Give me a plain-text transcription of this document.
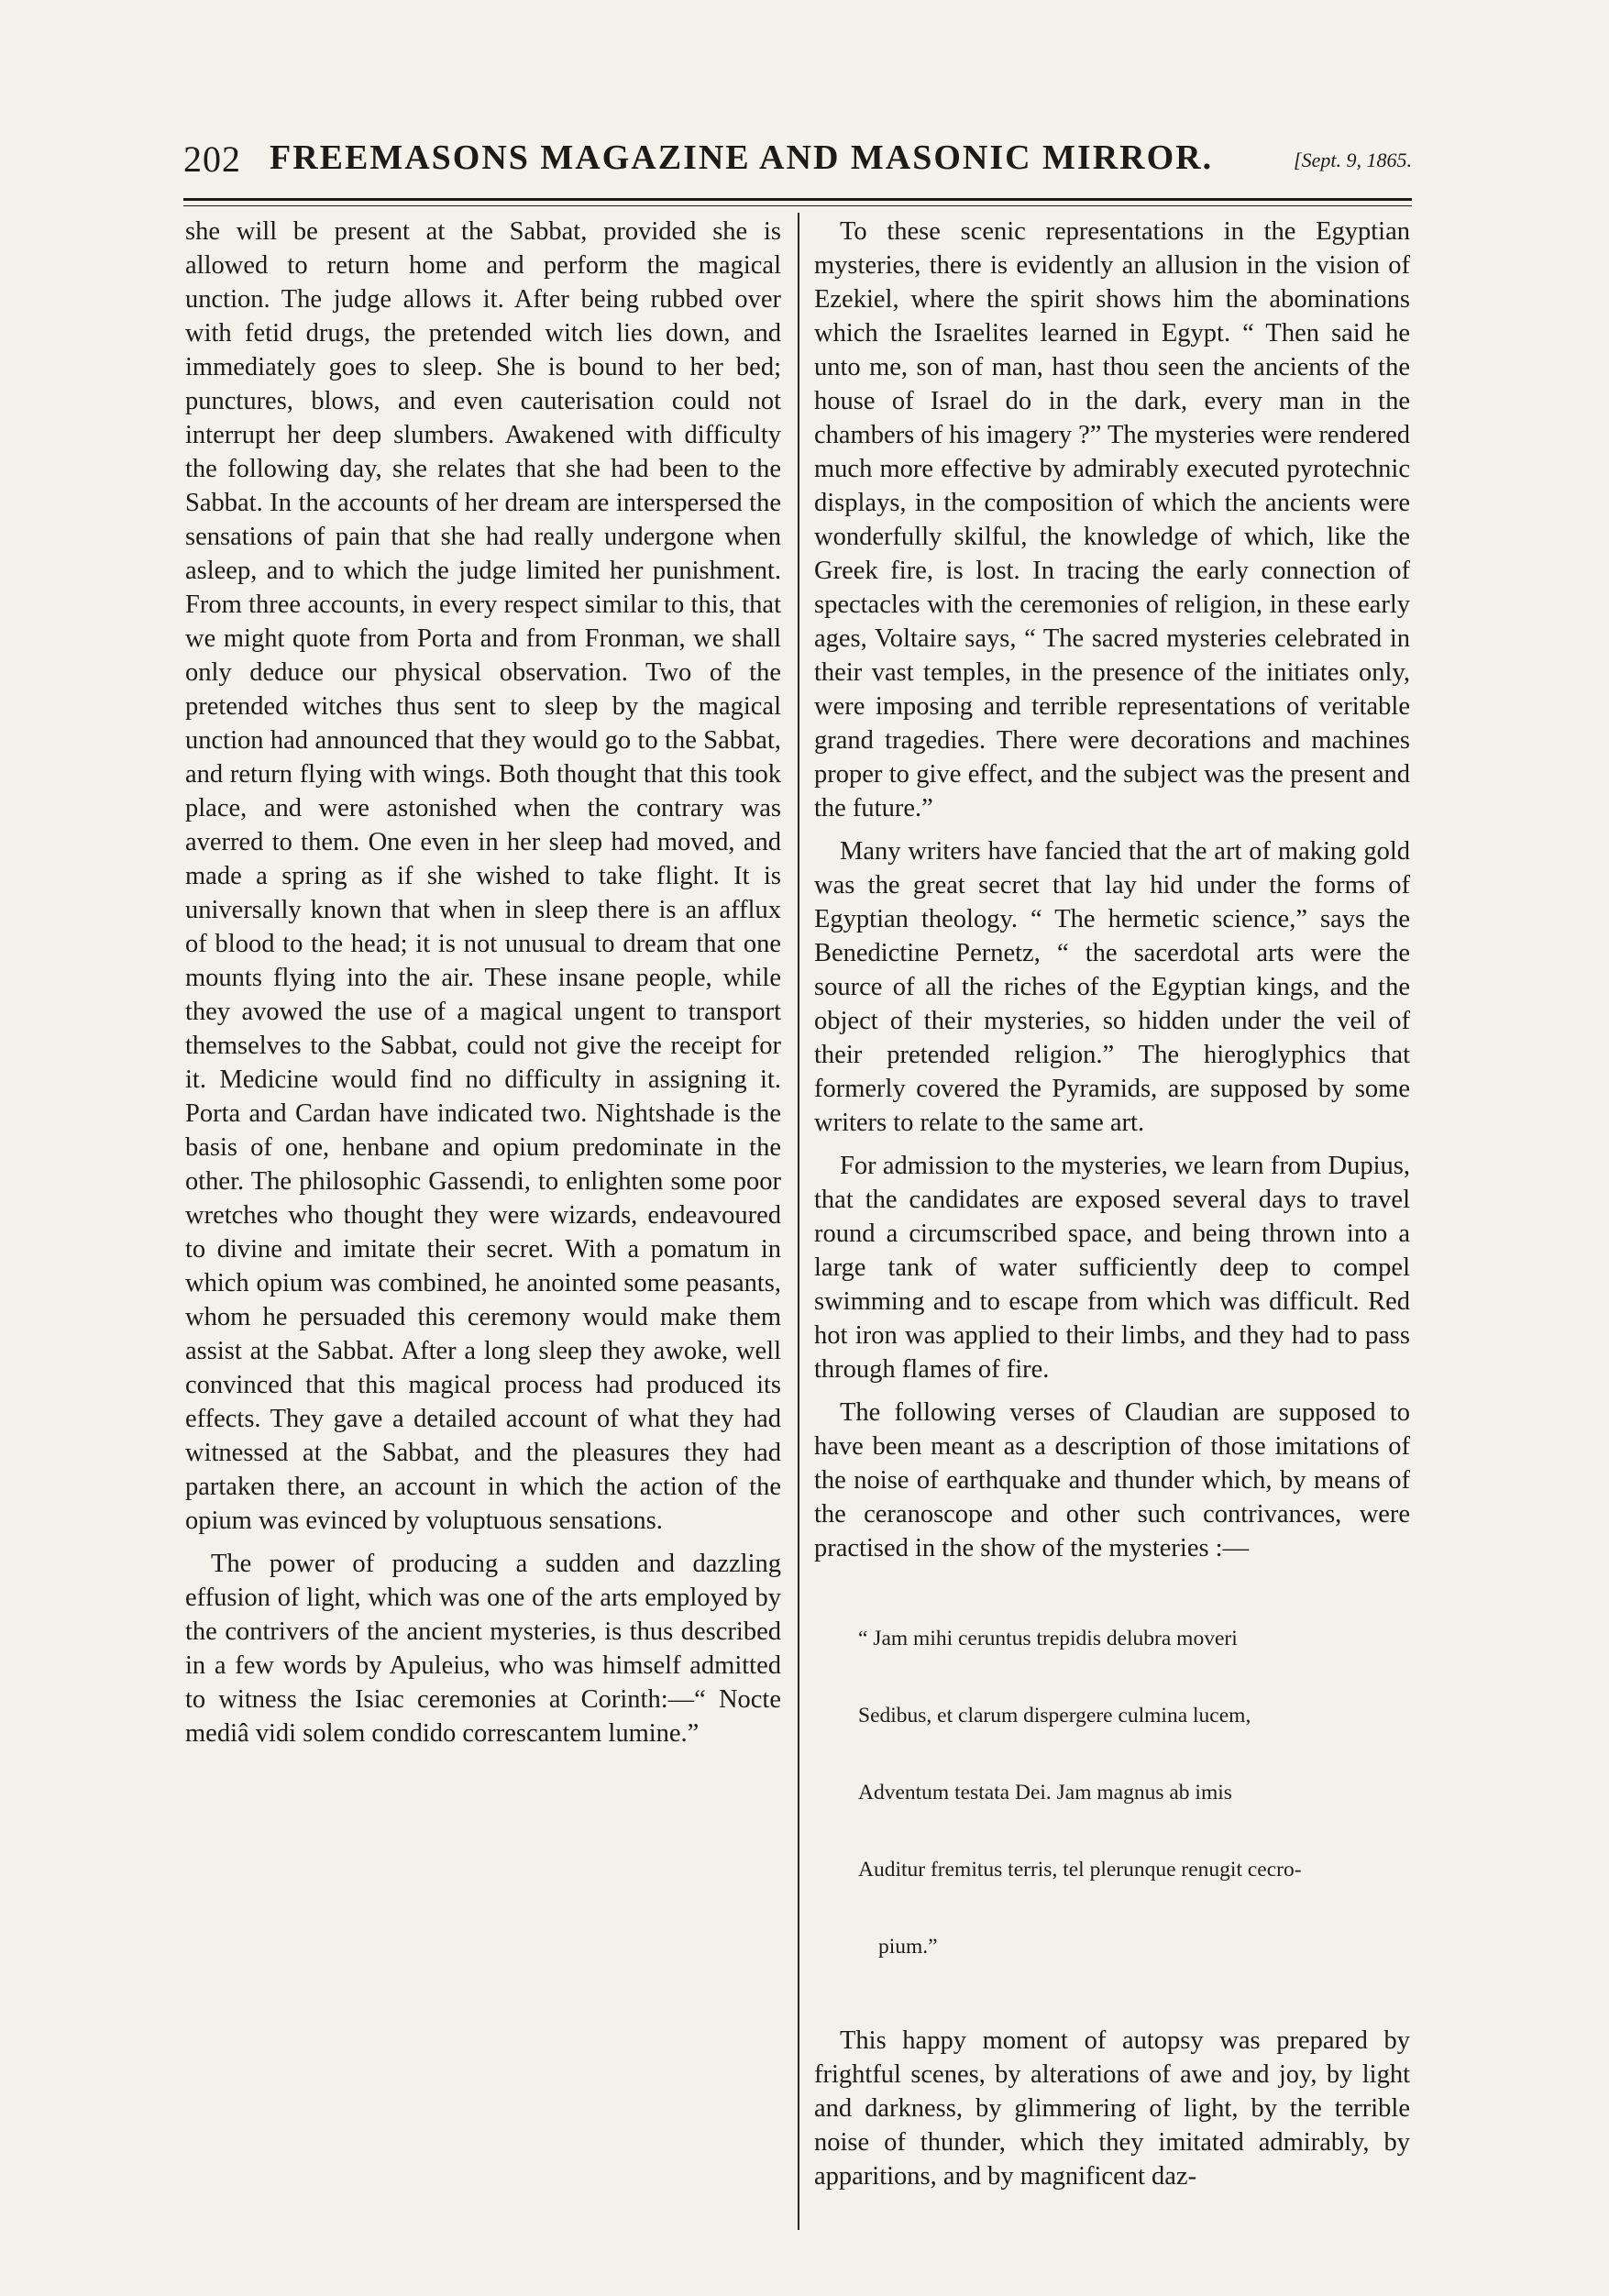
202 FREEMASONS MAGAZINE AND MASONIC MIRROR.	[Sept. 9, 1865.

she will be present at the Sabbat, provided she is allowed to return home and perform the magical unction. The judge allows it. After being rubbed over with fetid drugs, the pretended witch lies down, and immediately goes to sleep. She is bound to her bed; punctures, blows, and even cauterisation could not interrupt her deep slumbers. Awakened with difficulty the following day, she relates that she had been to the Sabbat. In the accounts of her dream are interspersed the sensations of pain that she had really undergone when asleep, and to which the judge limited her punishment. From three accounts, in every respect similar to this, that we might quote from Porta and from Fronman, we shall only deduce our physical observation. Two of the pretended witches thus sent to sleep by the magical unction had announced that they would go to the Sabbat, and return flying with wings. Both thought that this took place, and were astonished when the contrary was averred to them. One even in her sleep had moved, and made a spring as if she wished to take flight. It is universally known that when in sleep there is an afflux of blood to the head; it is not unusual to dream that one mounts flying into the air. These insane people, while they avowed the use of a magical ungent to transport themselves to the Sabbat, could not give the receipt for it. Medicine would find no difficulty in assigning it. Porta and Cardan have indicated two. Nightshade is the basis of one, henbane and opium predominate in the other. The philosophic Gassendi, to enlighten some poor wretches who thought they were wizards, endeavoured to divine and imitate their secret. With a pomatum in which opium was combined, he anointed some peasants, whom he persuaded this ceremony would make them assist at the Sabbat. After a long sleep they awoke, well convinced that this magical process had produced its effects. They gave a detailed account of what they had witnessed at the Sabbat, and the pleasures they had partaken there, an account in which the action of the opium was evinced by voluptuous sensations.

The power of producing a sudden and dazzling effusion of light, which was one of the arts employed by the contrivers of the ancient mysteries, is thus described in a few words by Apuleius, who was himself admitted to witness the Isiac ceremonies at Corinth:—“ Nocte mediâ vidi solem condido correscantem lumine.”

To these scenic representations in the Egyptian mysteries, there is evidently an allusion in the vision of Ezekiel, where the spirit shows him the abominations which the Israelites learned in Egypt. “ Then said he unto me, son of man, hast thou seen the ancients of the house of Israel do in the dark, every man in the chambers of his imagery ?” The mysteries were rendered much more effective by admirably executed pyrotechnic displays, in the composition of which the ancients were wonderfully skilful, the knowledge of which, like the Greek fire, is lost. In tracing the early connection of spectacles with the ceremonies of religion, in these early ages, Voltaire says, “ The sacred mysteries celebrated in their vast temples, in the presence of the initiates only, were imposing and terrible representations of veritable grand tragedies. There were decorations and machines proper to give effect, and the subject was the present and the future.”

Many writers have fancied that the art of making gold was the great secret that lay hid under the forms of Egyptian theology. “ The hermetic science,” says the Benedictine Pernetz, “ the sacerdotal arts were the source of all the riches of the Egyptian kings, and the object of their mysteries, so hidden under the veil of their pretended religion.” The hieroglyphics that formerly covered the Pyramids, are supposed by some writers to relate to the same art.

For admission to the mysteries, we learn from Dupius, that the candidates are exposed several days to travel round a circumscribed space, and being thrown into a large tank of water sufficiently deep to compel swimming and to escape from which was difficult. Red hot iron was applied to their limbs, and they had to pass through flames of fire.

The following verses of Claudian are supposed to have been meant as a description of those imitations of the noise of earthquake and thunder which, by means of the ceranoscope and other such contrivances, were practised in the show of the mysteries :—

“ Jam mihi ceruntus trepidis delubra moveri

Sedibus, et clarum dispergere culmina lucem,

Adventum testata Dei. Jam magnus ab imis

Auditur fremitus terris, tel plerunque renugit cecro-

pium.”

This happy moment of autopsy was prepared by frightful scenes, by alterations of awe and joy, by light and darkness, by glimmering of light, by the terrible noise of thunder, which they imitated admirably, by apparitions, and by magnificent daz-
